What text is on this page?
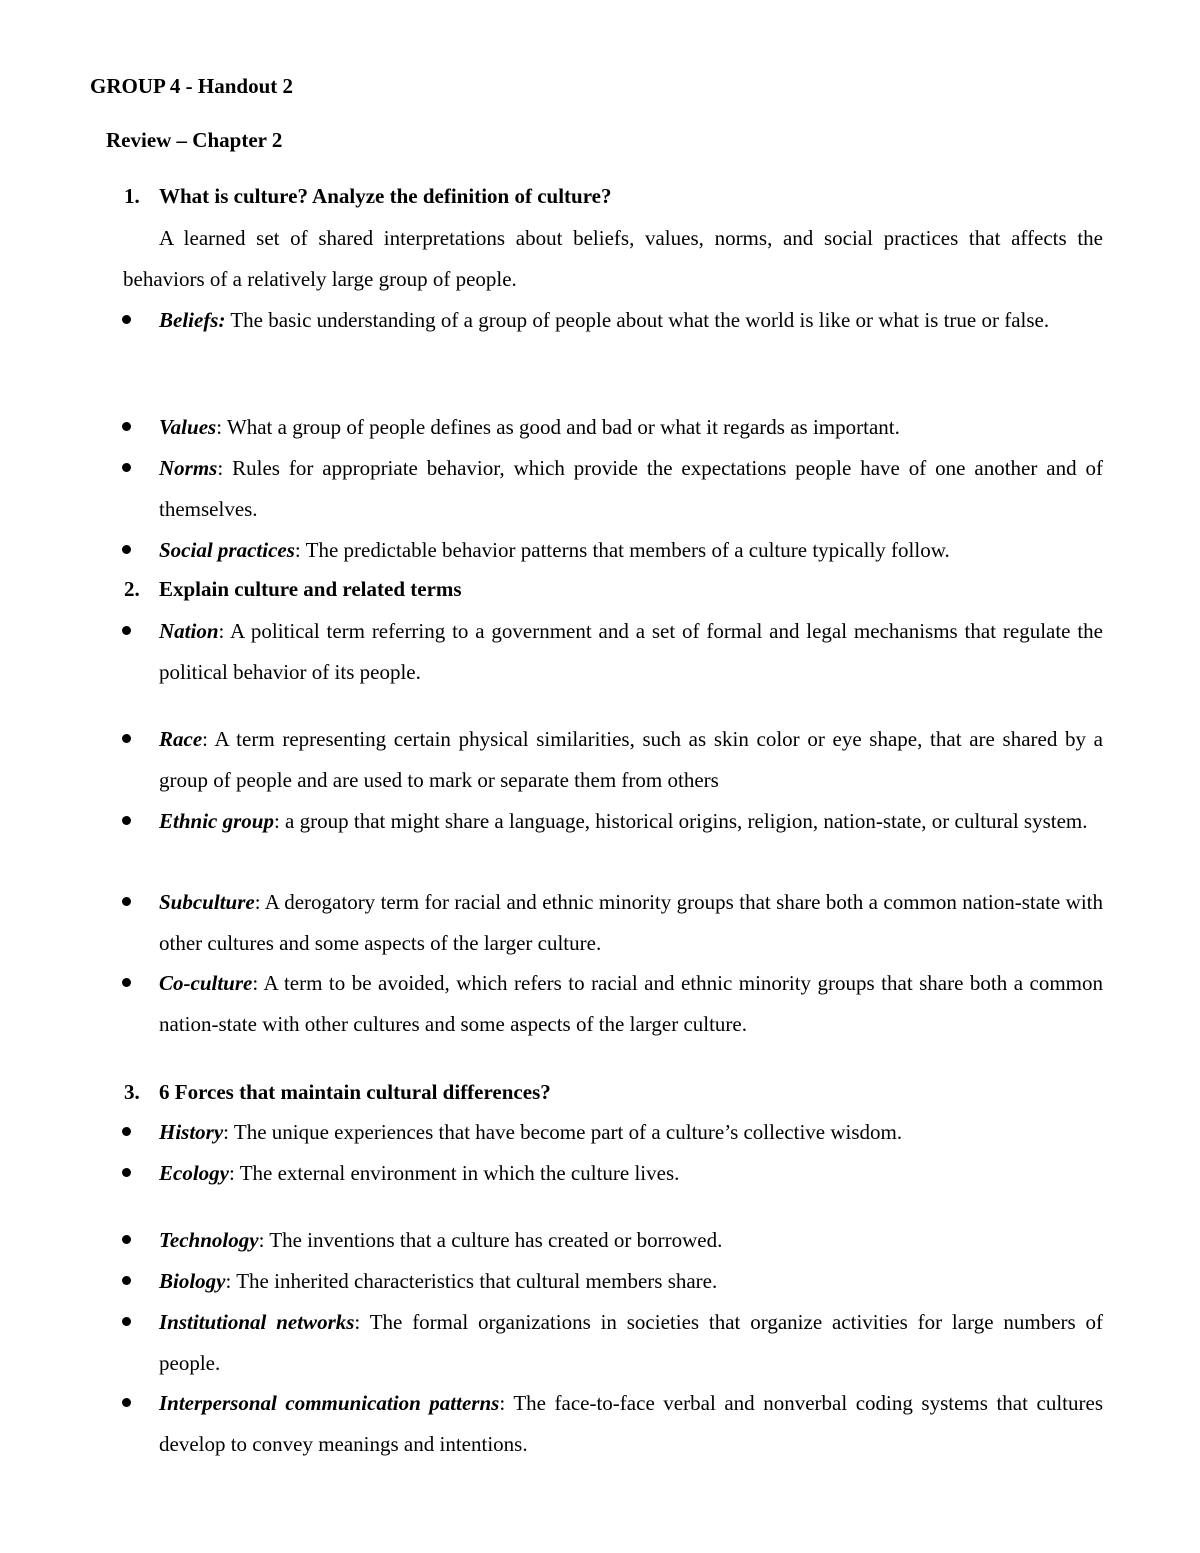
GROUP 4 - Handout 2
Review – Chapter 2
1. What is culture? Analyze the definition of culture?
A learned set of shared interpretations about beliefs, values, norms, and social practices that affects the behaviors of a relatively large group of people.
Beliefs: The basic understanding of a group of people about what the world is like or what is true or false.
Values: What a group of people defines as good and bad or what it regards as important.
Norms: Rules for appropriate behavior, which provide the expectations people have of one another and of themselves.
Social practices: The predictable behavior patterns that members of a culture typically follow.
2. Explain culture and related terms
Nation: A political term referring to a government and a set of formal and legal mechanisms that regulate the political behavior of its people.
Race: A term representing certain physical similarities, such as skin color or eye shape, that are shared by a group of people and are used to mark or separate them from others
Ethnic group: a group that might share a language, historical origins, religion, nation-state, or cultural system.
Subculture: A derogatory term for racial and ethnic minority groups that share both a common nation-state with other cultures and some aspects of the larger culture.
Co-culture: A term to be avoided, which refers to racial and ethnic minority groups that share both a common nation-state with other cultures and some aspects of the larger culture.
3. 6 Forces that maintain cultural differences?
History: The unique experiences that have become part of a culture’s collective wisdom.
Ecology: The external environment in which the culture lives.
Technology: The inventions that a culture has created or borrowed.
Biology: The inherited characteristics that cultural members share.
Institutional networks: The formal organizations in societies that organize activities for large numbers of people.
Interpersonal communication patterns: The face-to-face verbal and nonverbal coding systems that cultures develop to convey meanings and intentions.
